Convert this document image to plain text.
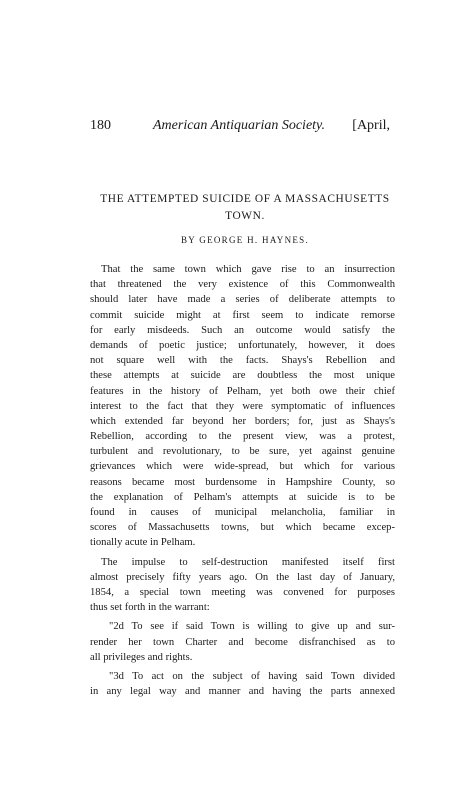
180	American Antiquarian Society. [April,
THE ATTEMPTED SUICIDE OF A MASSACHUSETTS
TOWN.
BY GEORGE H. HAYNES.
That the same town which gave rise to an insurrection
that threatened the very existence of this Commonwealth
should later have made a series of deliberate attempts to
commit suicide might at first seem to indicate remorse
for early misdeeds. Such an outcome would satisfy the
demands of poetic justice; unfortunately, however, it does
not square well with the facts. Shays's Rebellion and
these attempts at suicide are doubtless the most unique
features in the history of Pelham, yet both owe their chief
interest to the fact that they were symptomatic of influences
which extended far beyond her borders; for, just as Shays's
Rebellion, according to the present view, was a protest,
turbulent and revolutionary, to be sure, yet against genuine
grievances which were wide-spread, but which for various
reasons became most burdensome in Hampshire County, so
the explanation of Pelham's attempts at suicide is to be
found in causes of municipal melancholia, familiar in
scores of Massachusetts towns, but which became excep-
tionally acute in Pelham.
The impulse to self-destruction manifested itself first
almost precisely fifty years ago. On the last day of January,
1854, a special town meeting was convened for purposes
thus set forth in the warrant:
"2d To see if said Town is willing to give up and sur-
render her town Charter and become disfranchised as to
all privileges and rights.
"3d To act on the subject of having said Town divided
in any legal way and manner and having the parts annexed
